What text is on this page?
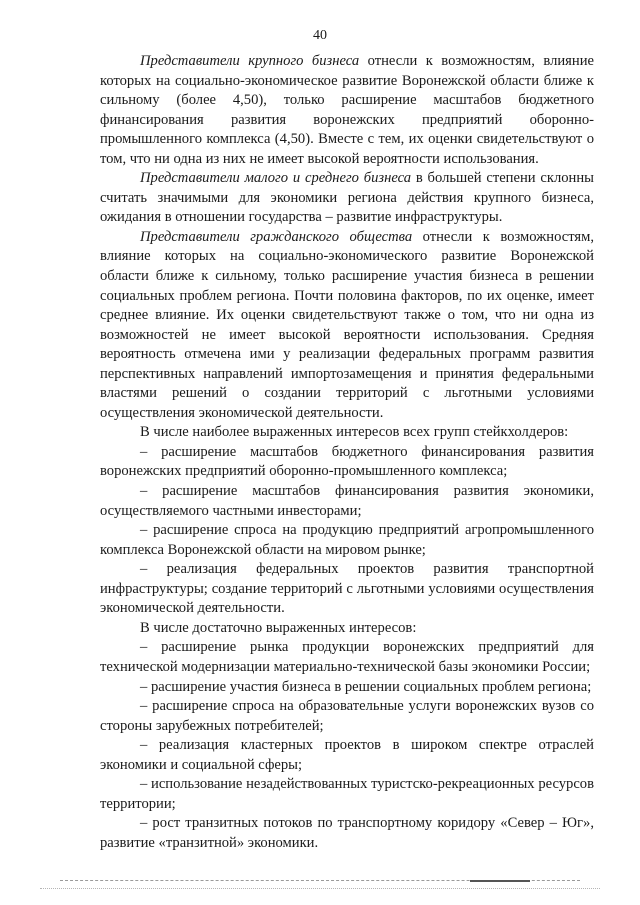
40

Представители крупного бизнеса отнесли к возможностям, влияние которых на социально-экономическое развитие Воронежской области ближе к сильному (более 4,50), только расширение масштабов бюджетного финансирования развития воронежских предприятий оборонно-промышленного комплекса (4,50). Вместе с тем, их оценки свидетельствуют о том, что ни одна из них не имеет высокой вероятности использования.

Представители малого и среднего бизнеса в большей степени склонны считать значимыми для экономики региона действия крупного бизнеса, ожидания в отношении государства – развитие инфраструктуры.

Представители гражданского общества отнесли к возможностям, влияние которых на социально-экономического развитие Воронежской области ближе к сильному, только расширение участия бизнеса в решении социальных проблем региона. Почти половина факторов, по их оценке, имеет среднее влияние. Их оценки свидетельствуют также о том, что ни одна из возможностей не имеет высокой вероятности использования. Средняя вероятность отмечена ими у реализации федеральных программ развития перспективных направлений импортозамещения и принятия федеральными властями решений о создании территорий с льготными условиями осуществления экономической деятельности.

В числе наиболее выраженных интересов всех групп стейкхолдеров:

– расширение масштабов бюджетного финансирования развития воронежских предприятий оборонно-промышленного комплекса;

– расширение масштабов финансирования развития экономики, осуществляемого частными инвесторами;

– расширение спроса на продукцию предприятий агропромышленного комплекса Воронежской области на мировом рынке;

– реализация федеральных проектов развития транспортной инфраструктуры; создание территорий с льготными условиями осуществления экономической деятельности.

В числе достаточно выраженных интересов:

– расширение рынка продукции воронежских предприятий для технической модернизации материально-технической базы экономики России;

– расширение участия бизнеса в решении социальных проблем региона;

– расширение спроса на образовательные услуги воронежских вузов со стороны зарубежных потребителей;

– реализация кластерных проектов в широком спектре отраслей экономики и социальной сферы;

– использование незадействованных туристско-рекреационных ресурсов территории;

– рост транзитных потоков по транспортному коридору «Север – Юг», развитие «транзитной» экономики.
